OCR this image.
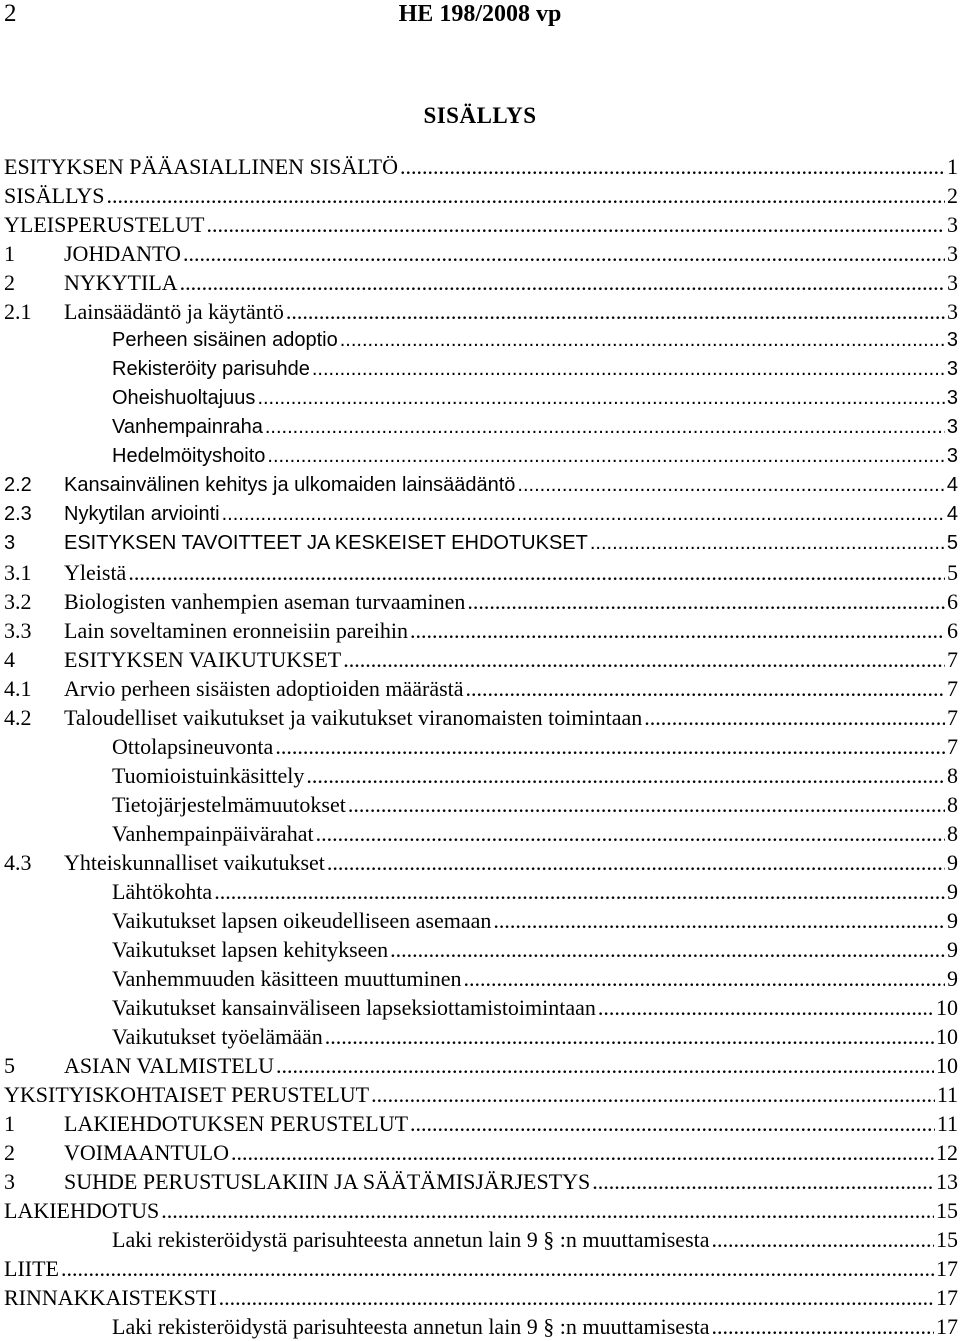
2	HE 198/2008 vp
SISÄLLYS
ESITYKSEN PÄÄASIALLINEN SISÄLTÖ .....	1
SISÄLLYS .....	2
YLEISPERUSTELUT .....	3
1	JOHDANTO .....	3
2	NYKYTILA .....	3
2.1	Lainsäädäntö ja käytäntö .....	3
Perheen sisäinen adoptio .....	3
Rekisteröity parisuhde .....	3
Oheishuoltajuus .....	3
Vanhempainraha .....	3
Hedelmöityshoito .....	3
2.2	Kansainvälinen kehitys ja ulkomaiden lainsäädäntö .....	4
2.3	Nykytilan arviointi .....	4
3	ESITYKSEN TAVOITTEET JA KESKEISET EHDOTUKSET .....	5
3.1	Yleistä .....	5
3.2	Biologisten vanhempien aseman turvaaminen .....	6
3.3	Lain soveltaminen eronneisiin pareihin .....	6
4	ESITYKSEN VAIKUTUKSET .....	7
4.1	Arvio perheen sisäisten adoptioiden määrästä .....	7
4.2	Taloudelliset vaikutukset ja vaikutukset viranomaisten toimintaan .....	7
Ottolapsineuvonta .....	7
Tuomioistuinkäsittely .....	8
Tietojärjestelmämuutokset .....	8
Vanhempainpäivärahat .....	8
4.3	Yhteiskunnalliset vaikutukset .....	9
Lähtökohta .....	9
Vaikutukset lapsen oikeudelliseen asemaan .....	9
Vaikutukset lapsen kehitykseen .....	9
Vanhemmuuden käsitteen muuttuminen .....	9
Vaikutukset kansainväliseen lapseksiottamistoimintaan .....	10
Vaikutukset työelämään .....	10
5	ASIAN VALMISTELU .....	10
YKSITYISKOHTAISET PERUSTELUT .....	11
1	LAKIEHDOTUKSEN PERUSTELUT .....	11
2	VOIMAANTULO .....	12
3	SUHDE PERUSTUSLAKIIN JA SÄÄTÄMISJÄRJESTYS .....	13
LAKIEHDOTUS .....	15
Laki rekisteröidystä parisuhteesta annetun lain 9 § :n muuttamisesta .....	15
LIITE .....	17
RINNAKKAISTEKSTI .....	17
Laki rekisteröidystä parisuhteesta annetun lain 9 § :n muuttamisesta .....	17
